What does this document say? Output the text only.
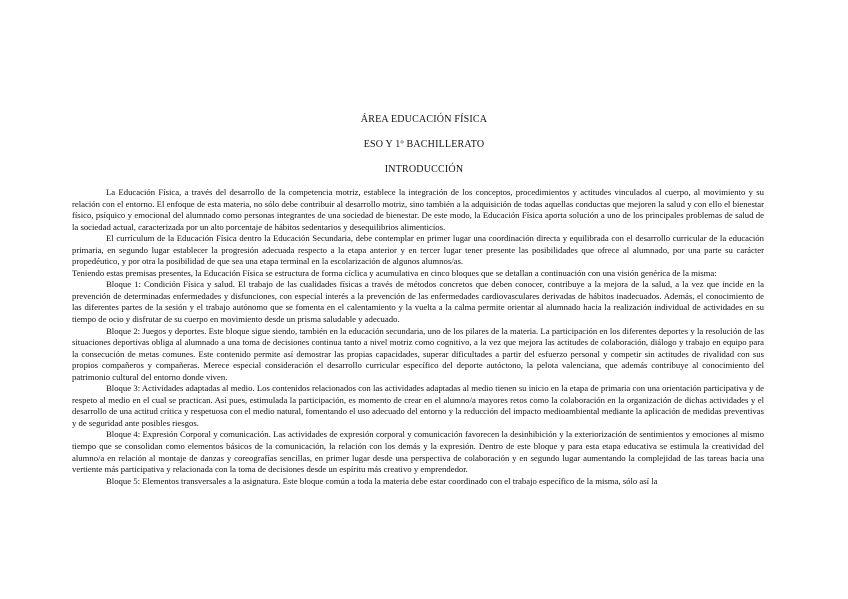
ÁREA EDUCACIÓN FÍSICA
ESO Y 1º BACHILLERATO
INTRODUCCIÓN

La Educación Física, a través del desarrollo de la competencia motriz, establece la integración de los conceptos, procedimientos y actitudes vinculados al cuerpo, al movimiento y su relación con el entorno. El enfoque de esta materia, no sólo debe contribuir al desarrollo motriz, sino también a la adquisición de todas aquellas conductas que mejoren la salud y con ello el bienestar físico, psíquico y emocional del alumnado como personas integrantes de una sociedad de bienestar. De este modo, la Educación Física aporta solución a uno de los principales problemas de salud de la sociedad actual, caracterizada por un alto porcentaje de hábitos sedentarios y desequilibrios alimenticios.

El currículum de la Educación Física dentro la Educación Secundaria, debe contemplar en primer lugar una coordinación directa y equilibrada con el desarrollo curricular de la educación primaria, en segundo lugar establecer la progresión adecuada respecto a la etapa anterior y en tercer lugar tener presente las posibilidades que ofrece al alumnado, por una parte su carácter propedéutico, y por otra la posibilidad de que sea una etapa terminal en la escolarización de algunos alumnos/as.

Teniendo estas premisas presentes, la Educación Física se estructura de forma cíclica y acumulativa en cinco bloques que se detallan a continuación con una visión genérica de la misma:

Bloque 1: Condición Física y salud. El trabajo de las cualidades físicas a través de métodos concretos que deben conocer, contribuye a la mejora de la salud, a la vez que incide en la prevención de determinadas enfermedades y disfunciones, con especial interés a la prevención de las enfermedades cardiovasculares derivadas de hábitos inadecuados. Además, el conocimiento de las diferentes partes de la sesión y el trabajo autónomo que se fomenta en el calentamiento y la vuelta a la calma permite orientar al alumnado hacia la realización individual de actividades en su tiempo de ocio y disfrutar de su cuerpo en movimiento desde un prisma saludable y adecuado.

Bloque 2: Juegos y deportes. Este bloque sigue siendo, también en la educación secundaria, uno de los pilares de la materia. La participación en los diferentes deportes y la resolución de las situaciones deportivas obliga al alumnado a una toma de decisiones continua tanto a nivel motriz como cognitivo, a la vez que mejora las actitudes de colaboración, diálogo y trabajo en equipo para la consecución de metas comunes. Este contenido permite así demostrar las propias capacidades, superar dificultades a partir del esfuerzo personal y competir sin actitudes de rivalidad con sus propios compañeros y compañeras. Merece especial consideración el desarrollo curricular específico del deporte autóctono, la pelota valenciana, que además contribuye al conocimiento del patrimonio cultural del entorno donde viven.

Bloque 3: Actividades adaptadas al medio. Los contenidos relacionados con las actividades adaptadas al medio tienen su inicio en la etapa de primaria con una orientación participativa y de respeto al medio en el cual se practican. Así pues, estimulada la participación, es momento de crear en el alumno/a mayores retos como la colaboración en la organización de dichas actividades y el desarrollo de una actitud crítica y respetuosa con el medio natural, fomentando el uso adecuado del entorno y la reducción del impacto medioambiental mediante la aplicación de medidas preventivas y de seguridad ante posibles riesgos.

Bloque 4: Expresión Corporal y comunicación. Las actividades de expresión corporal y comunicación favorecen la desinhibición y la exteriorización de sentimientos y emociones al mismo tiempo que se consolidan como elementos básicos de la comunicación, la relación con los demás y la expresión. Dentro de este bloque y para esta etapa educativa se estimula la creatividad del alumno/a en relación al montaje de danzas y coreografías sencillas, en primer lugar desde una perspectiva de colaboración y en segundo lugar aumentando la complejidad de las tareas hacia una vertiente más participativa y relacionada con la toma de decisiones desde un espíritu más creativo y emprendedor.

Bloque 5: Elementos transversales a la asignatura. Este bloque común a toda la materia debe estar coordinado con el trabajo específico de la misma, sólo así la
